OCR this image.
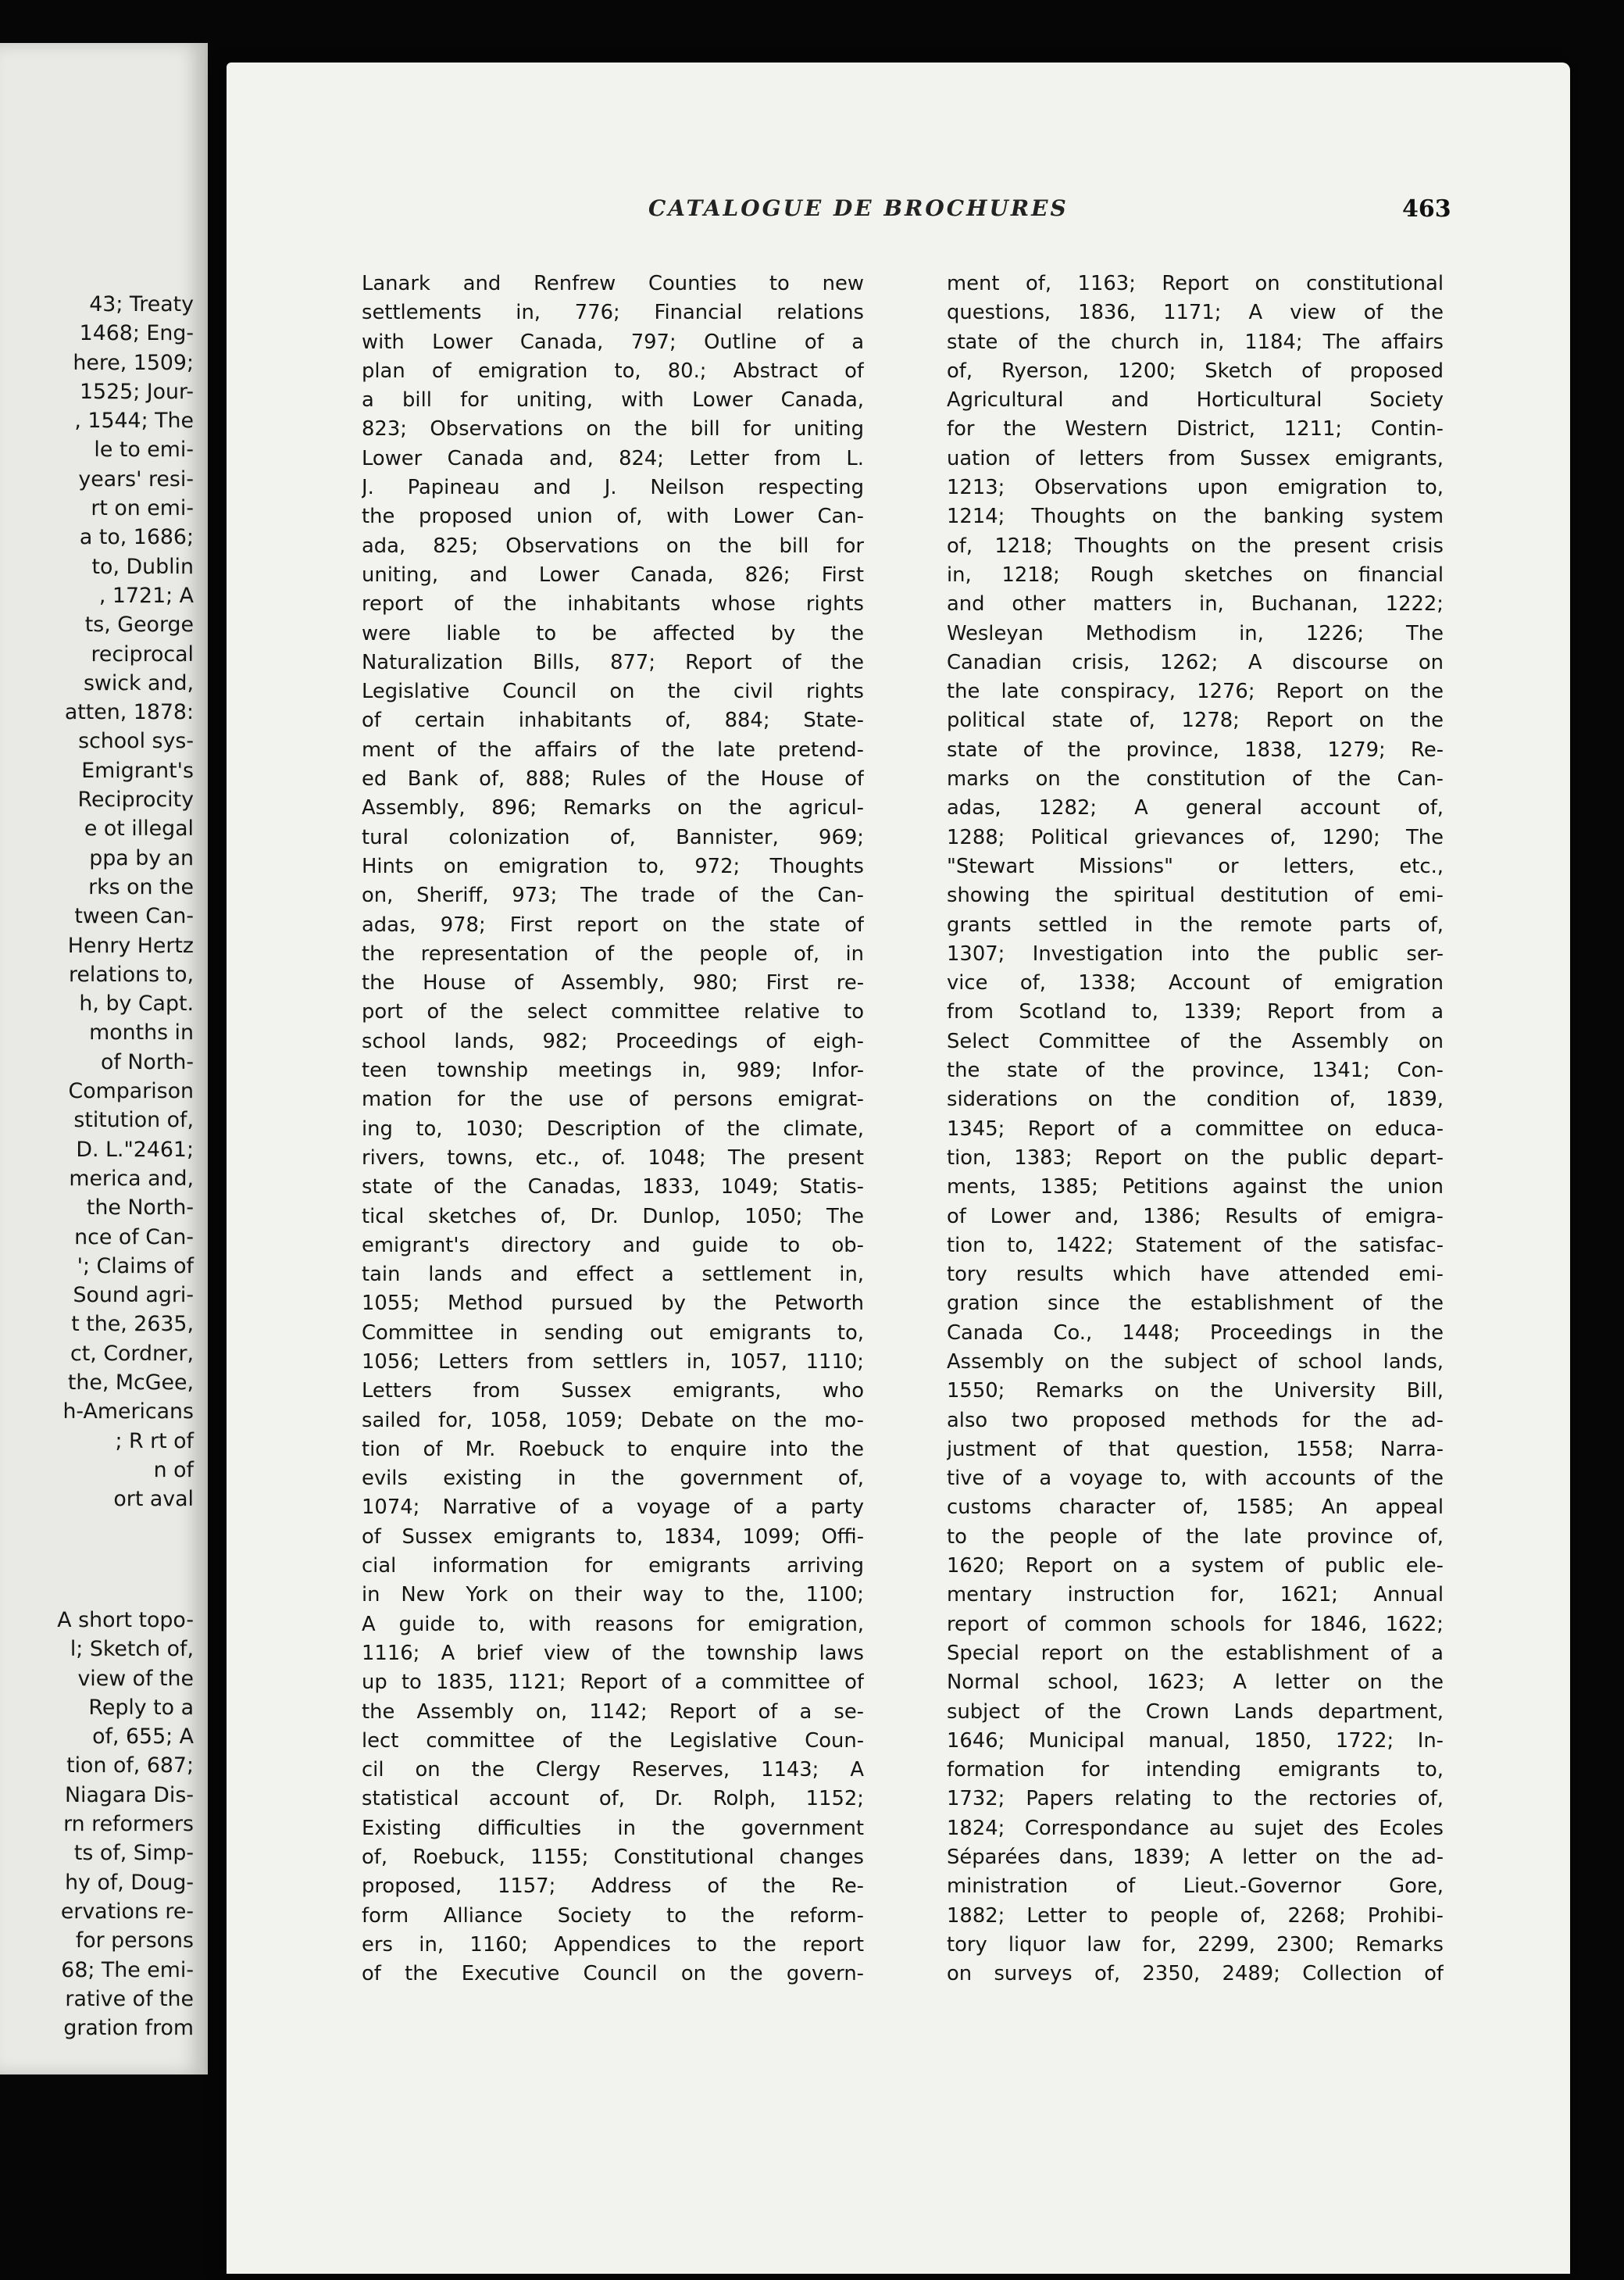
43; Treaty
1468; Eng-
here, 1509;
1525; Jour-
, 1544; The
le to emi-
years' resi-
rt on emi-
a to, 1686;
to, Dublin
, 1721; A
ts, George
reciprocal
swick and,
atten, 1878:
school sys-
Emigrant's
Reciprocity
e ot illegal
ppa by an
rks on the
tween Can-
Henry Hertz
relations to,
h, by Capt.
months in
of North-
Comparison
stitution of,
D. L."2461;
merica and,
the North-
nce of Can-
'; Claims of
Sound agri-
t the, 2635,
ct, Cordner,
the, McGee,
h-Americans
; R rt of
n of
ort aval
A short topo-
l; Sketch of,
view of the
Reply to a
of, 655; A
tion of, 687;
Niagara Dis-
rn reformers
ts of, Simp-
hy of, Doug-
ervations re-
for persons
68; The emi-
rative of the
gration from
CATALOGUE DE BROCHURES	463
Lanark and Renfrew Counties to new
settlements in, 776; Financial relations
with Lower Canada, 797; Outline of a
plan of emigration to, 80.; Abstract of
a bill for uniting, with Lower Canada,
823; Observations on the bill for uniting
Lower Canada and, 824; Letter from L.
J. Papineau and J. Neilson respecting
the proposed union of, with Lower Can-
ada, 825; Observations on the bill for
uniting, and Lower Canada, 826; First
report of the inhabitants whose rights
were liable to be affected by the
Naturalization Bills, 877; Report of the
Legislative Council on the civil rights
of certain inhabitants of, 884; State-
ment of the affairs of the late pretend-
ed Bank of, 888; Rules of the House of
Assembly, 896; Remarks on the agricul-
tural colonization of, Bannister, 969;
Hints on emigration to, 972; Thoughts
on, Sheriff, 973; The trade of the Can-
adas, 978; First report on the state of
the representation of the people of, in
the House of Assembly, 980; First re-
port of the select committee relative to
school lands, 982; Proceedings of eigh-
teen township meetings in, 989; Infor-
mation for the use of persons emigrat-
ing to, 1030; Description of the climate,
rivers, towns, etc., of. 1048; The present
state of the Canadas, 1833, 1049; Statis-
tical sketches of, Dr. Dunlop, 1050; The
emigrant's directory and guide to ob-
tain lands and effect a settlement in,
1055; Method pursued by the Petworth
Committee in sending out emigrants to,
1056; Letters from settlers in, 1057, 1110;
Letters from Sussex emigrants, who
sailed for, 1058, 1059; Debate on the mo-
tion of Mr. Roebuck to enquire into the
evils existing in the government of,
1074; Narrative of a voyage of a party
of Sussex emigrants to, 1834, 1099; Offi-
cial information for emigrants arriving
in New York on their way to the, 1100;
A guide to, with reasons for emigration,
1116; A brief view of the township laws
up to 1835, 1121; Report of a committee of
the Assembly on, 1142; Report of a se-
lect committee of the Legislative Coun-
cil on the Clergy Reserves, 1143; A
statistical account of, Dr. Rolph, 1152;
Existing difficulties in the government
of, Roebuck, 1155; Constitutional changes
proposed, 1157; Address of the Re-
form Alliance Society to the reform-
ers in, 1160; Appendices to the report
of the Executive Council on the govern-
ment of, 1163; Report on constitutional
questions, 1836, 1171; A view of the
state of the church in, 1184; The affairs
of, Ryerson, 1200; Sketch of proposed
Agricultural and Horticultural Society
for the Western District, 1211; Contin-
uation of letters from Sussex emigrants,
1213; Observations upon emigration to,
1214; Thoughts on the banking system
of, 1218; Thoughts on the present crisis
in, 1218; Rough sketches on financial
and other matters in, Buchanan, 1222;
Wesleyan Methodism in, 1226; The
Canadian crisis, 1262; A discourse on
the late conspiracy, 1276; Report on the
political state of, 1278; Report on the
state of the province, 1838, 1279; Re-
marks on the constitution of the Can-
adas, 1282; A general account of,
1288; Political grievances of, 1290; The
"Stewart Missions" or letters, etc.,
showing the spiritual destitution of emi-
grants settled in the remote parts of,
1307; Investigation into the public ser-
vice of, 1338; Account of emigration
from Scotland to, 1339; Report from a
Select Committee of the Assembly on
the state of the province, 1341; Con-
siderations on the condition of, 1839,
1345; Report of a committee on educa-
tion, 1383; Report on the public depart-
ments, 1385; Petitions against the union
of Lower and, 1386; Results of emigra-
tion to, 1422; Statement of the satisfac-
tory results which have attended emi-
gration since the establishment of the
Canada Co., 1448; Proceedings in the
Assembly on the subject of school lands,
1550; Remarks on the University Bill,
also two proposed methods for the ad-
justment of that question, 1558; Narra-
tive of a voyage to, with accounts of the
customs character of, 1585; An appeal
to the people of the late province of,
1620; Report on a system of public ele-
mentary instruction for, 1621; Annual
report of common schools for 1846, 1622;
Special report on the establishment of a
Normal school, 1623; A letter on the
subject of the Crown Lands department,
1646; Municipal manual, 1850, 1722; In-
formation for intending emigrants to,
1732; Papers relating to the rectories of,
1824; Correspondance au sujet des Ecoles
Séparées dans, 1839; A letter on the ad-
ministration of Lieut.-Governor Gore,
1882; Letter to people of, 2268; Prohibi-
tory liquor law for, 2299, 2300; Remarks
on surveys of, 2350, 2489; Collection of
